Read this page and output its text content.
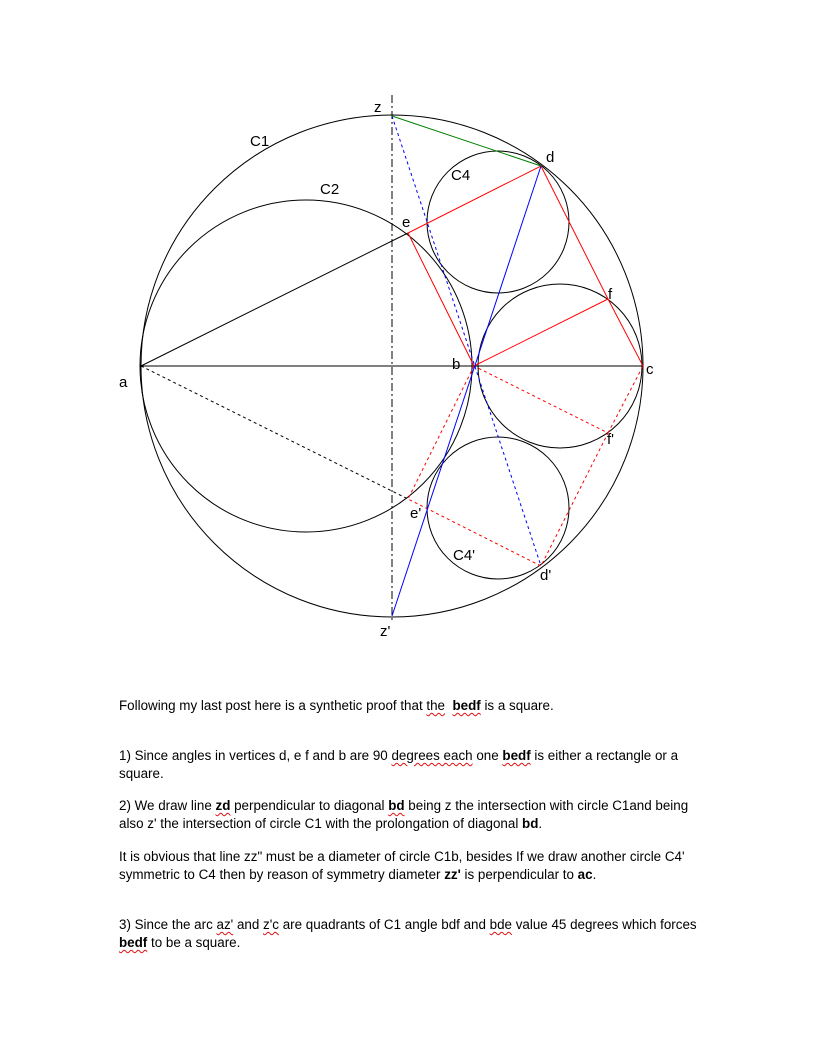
z
z'
a
b	c
d
d'
e
e'
f
f'
C1
C2
C4
C4'
Following my last post here is a synthetic proof that the bedf is a square.
1) Since angles in vertices d, e f and b are 90 degrees each one bedf is either a rectangle or a square.
2) We draw line zd perpendicular to diagonal bd being z the intersection with circle C1and being also z' the intersection of circle C1 with the prolongation of diagonal bd.
It is obvious that line zz" must be a diameter of circle C1b, besides If we draw another circle C4' symmetric to C4 then by reason of symmetry diameter zz' is perpendicular to ac.
3) Since the arc az' and z'c are quadrants of C1 angle bdf and bde value 45 degrees which forces bedf to be a square.
